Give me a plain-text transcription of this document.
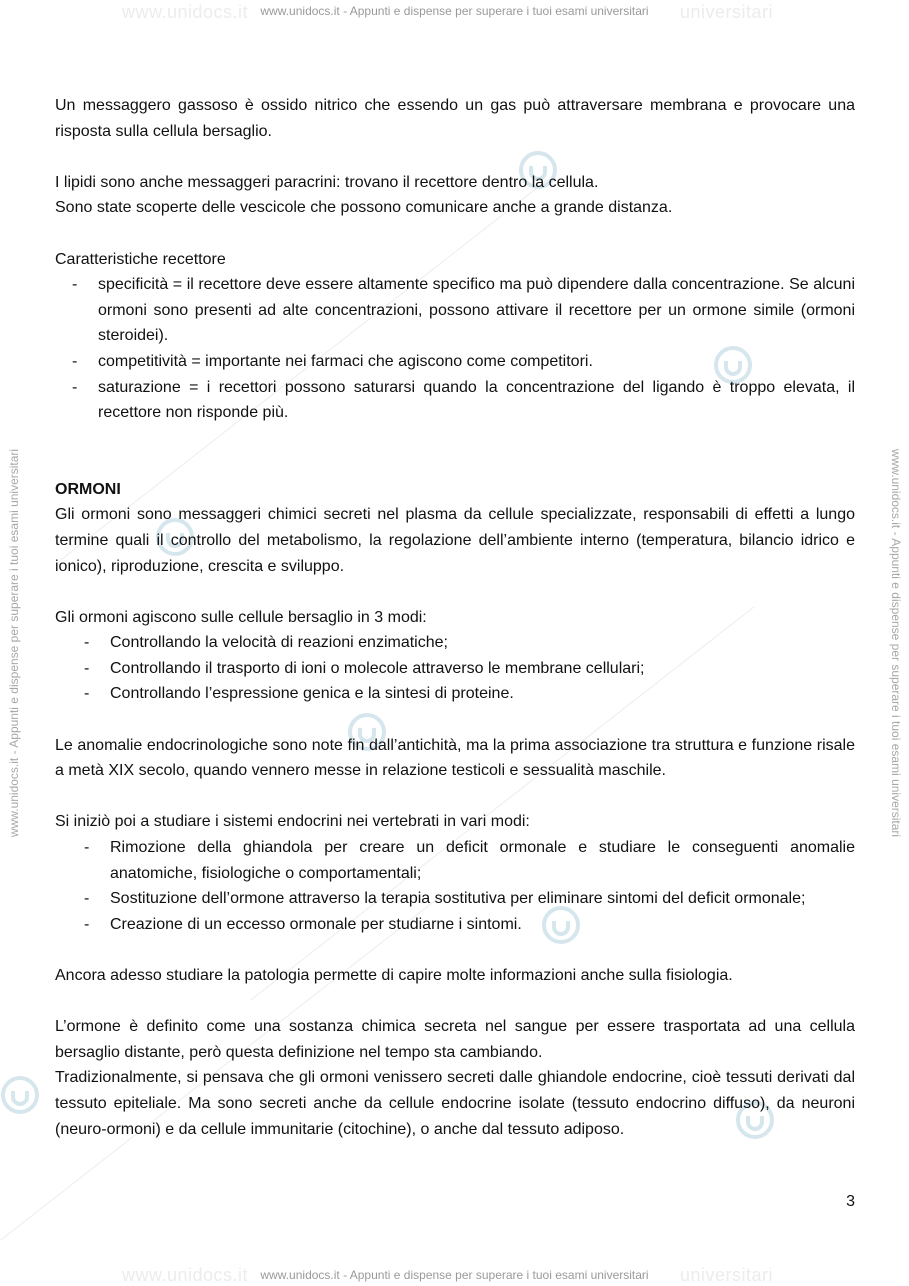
www.unidocs.it	universitari
www.unidocs.it	universitari
www.unidocs.it - Appunti e dispense per superare i tuoi esami universitari
www.unidocs.it - Appunti e dispense per superare i tuoi esami universitari
www.unidocs.it - Appunti e dispense per superare i tuoi esami universitari	www.unidocs.it - Appunti e dispense per superare i tuoi esami universitari

Un messaggero gassoso è ossido nitrico che essendo un gas può attraversare membrana e provocare una risposta sulla cellula bersaglio.

I lipidi sono anche messaggeri paracrini: trovano il recettore dentro la cellula.

Sono state scoperte delle vescicole che possono comunicare anche a grande distanza.

Caratteristiche recettore

- specificità = il recettore deve essere altamente specifico ma può dipendere dalla concentrazione. Se alcuni ormoni sono presenti ad alte concentrazioni, possono attivare il recettore per un ormone simile (ormoni steroidei).
- competitività = importante nei farmaci che agiscono come competitori.
- saturazione = i recettori possono saturarsi quando la concentrazione del ligando è troppo elevata, il recettore non risponde più.

ORMONI

Gli ormoni sono messaggeri chimici secreti nel plasma da cellule specializzate, responsabili di effetti a lungo termine quali il controllo del metabolismo, la regolazione dell’ambiente interno (temperatura, bilancio idrico e ionico), riproduzione, crescita e sviluppo.

Gli ormoni agiscono sulle cellule bersaglio in 3 modi:

- Controllando la velocità di reazioni enzimatiche;
- Controllando il trasporto di ioni o molecole attraverso le membrane cellulari;
- Controllando l’espressione genica e la sintesi di proteine.

Le anomalie endocrinologiche sono note fin dall’antichità, ma la prima associazione tra struttura e funzione risale a metà XIX secolo, quando vennero messe in relazione testicoli e sessualità maschile.

Si iniziò poi a studiare i sistemi endocrini nei vertebrati in vari modi:

- Rimozione della ghiandola per creare un deficit ormonale e studiare le conseguenti anomalie anatomiche, fisiologiche o comportamentali;
- Sostituzione dell’ormone attraverso la terapia sostitutiva per eliminare sintomi del deficit ormonale;
- Creazione di un eccesso ormonale per studiarne i sintomi.

Ancora adesso studiare la patologia permette di capire molte informazioni anche sulla fisiologia.

L’ormone è definito come una sostanza chimica secreta nel sangue per essere trasportata ad una cellula bersaglio distante, però questa definizione nel tempo sta cambiando.

Tradizionalmente, si pensava che gli ormoni venissero secreti dalle ghiandole endocrine, cioè tessuti derivati dal tessuto epiteliale. Ma sono secreti anche da cellule endocrine isolate (tessuto endocrino diffuso), da neuroni (neuro-ormoni) e da cellule immunitarie (citochine), o anche dal tessuto adiposo.

3
